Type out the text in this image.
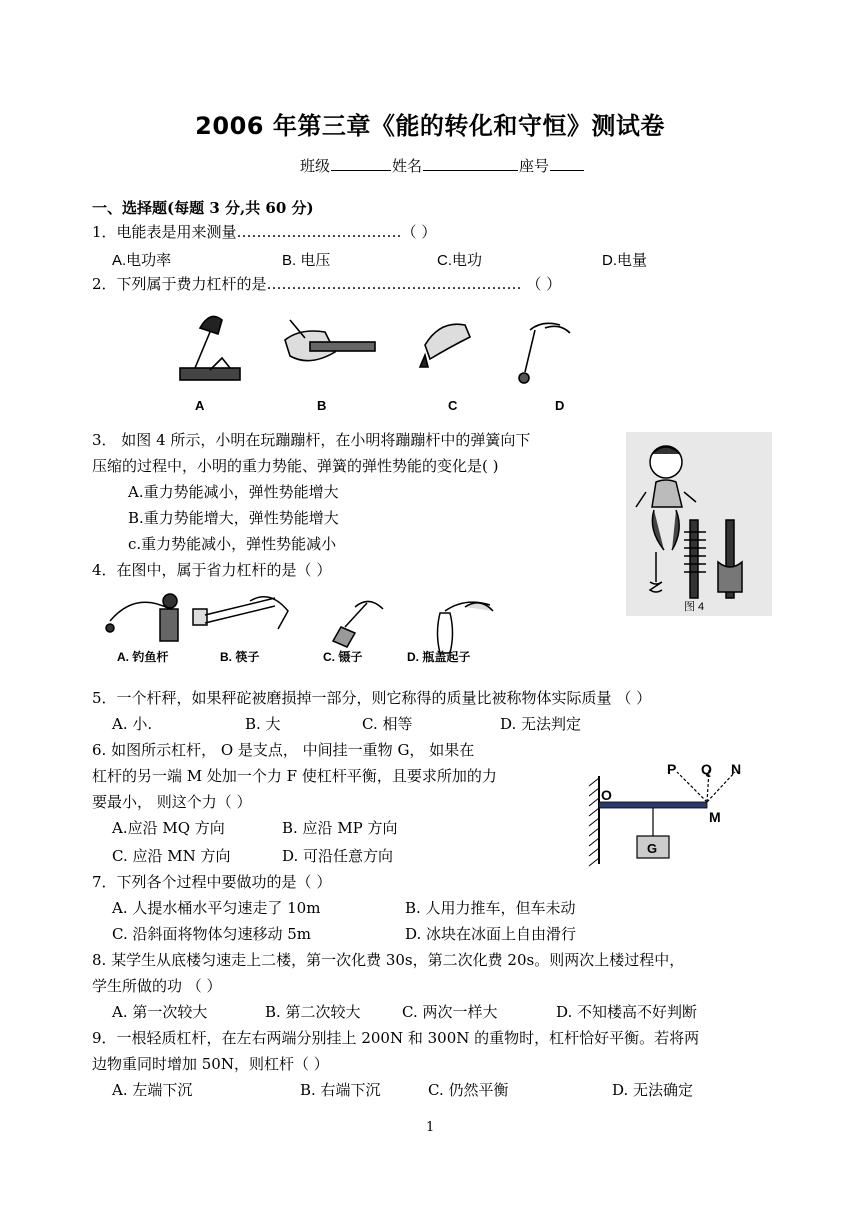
2006 年第三章《能的转化和守恒》测试卷
班级	姓名	座号
一、选择题(每题 3 分,共 60 分)
1．电能表是用来测量……………………………（ ）
A.电功率	B. 电压	C.电功	D.电量
2．下列属于费力杠杆的是…………………………………………… （ ）
A	B	C	D
3． 如图 4 所示，小明在玩蹦蹦杆，在小明将蹦蹦杆中的弹簧向下
压缩的过程中，小明的重力势能、弹簧的弹性势能的变化是( )
A.重力势能减小，弹性势能增大
B.重力势能增大，弹性势能增大
c.重力势能减小，弹性势能减小
图 4
4．在图中，属于省力杠杆的是（ ）
A. 钓鱼杆	B. 筷子	C. 镊子	D. 瓶盖起子
5．一个杆秤，如果秤砣被磨损掉一部分，则它称得的质量比被称物体实际质量 （ ）
A. 小.	B. 大	C. 相等	D. 无法判定
6. 如图所示杠杆， O 是支点， 中间挂一重物 G， 如果在
杠杆的另一端 M 处加一个力 F 使杠杆平衡，且要求所加的力
要最小， 则这个力（ ）
A.应沿 MQ 方向	B. 应沿 MP 方向
C. 应沿 MN 方向	D. 可沿任意方向
O
P Q N
M
G
7．下列各个过程中要做功的是（ ）
A. 人提水桶水平匀速走了 10m	B. 人用力推车，但车未动
C. 沿斜面将物体匀速移动 5m	D. 冰块在冰面上自由滑行
8. 某学生从底楼匀速走上二楼，第一次化费 30s，第二次化费 20s。则两次上楼过程中，
学生所做的功 （ ）
A. 第一次较大	B. 第二次较大	C. 两次一样大	D. 不知楼高不好判断
9．一根轻质杠杆，在左右两端分别挂上 200N 和 300N 的重物时，杠杆恰好平衡。若将两
边物重同时增加 50N，则杠杆（ ）
A. 左端下沉	B. 右端下沉	C. 仍然平衡	D. 无法确定
1
